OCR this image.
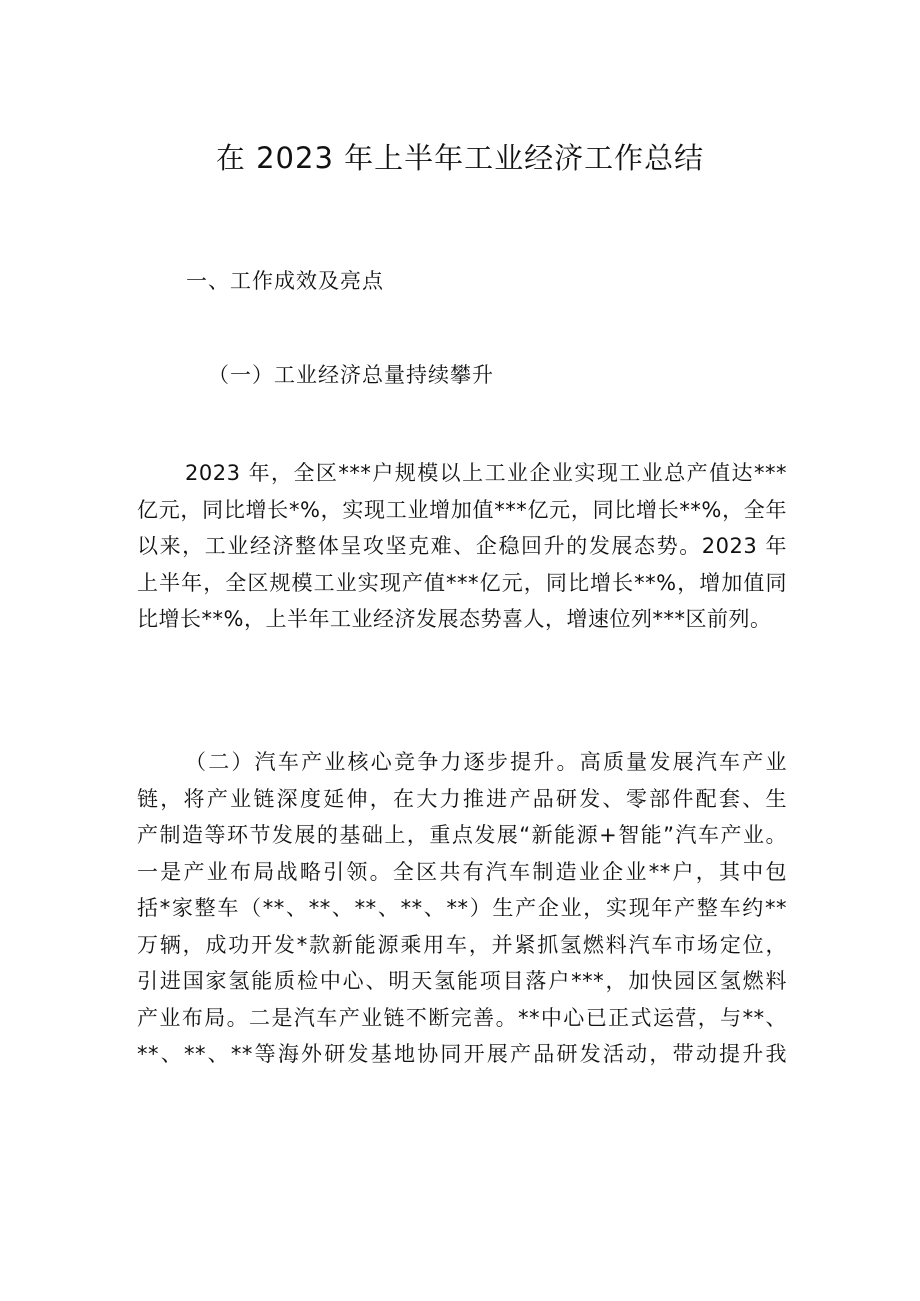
在 2023 年上半年工业经济工作总结
一、工作成效及亮点
（一）工业经济总量持续攀升
2023 年，全区***户规模以上工业企业实现工业总产值达***
亿元，同比增长*%，实现工业增加值***亿元，同比增长**%，全年
以来，工业经济整体呈攻坚克难、企稳回升的发展态势。2023 年
上半年，全区规模工业实现产值***亿元，同比增长**%，增加值同
比增长**%，上半年工业经济发展态势喜人，增速位列***区前列。
（二）汽车产业核心竞争力逐步提升。高质量发展汽车产业
链，将产业链深度延伸，在大力推进产品研发、零部件配套、生
产制造等环节发展的基础上，重点发展“新能源+智能”汽车产业。
一是产业布局战略引领。全区共有汽车制造业企业**户，其中包
括*家整车（**、**、**、**、**）生产企业，实现年产整车约**
万辆，成功开发*款新能源乘用车，并紧抓氢燃料汽车市场定位，
引进国家氢能质检中心、明天氢能项目落户***，加快园区氢燃料
产业布局。二是汽车产业链不断完善。**中心已正式运营，与**、
**、**、**等海外研发基地协同开展产品研发活动，带动提升我
